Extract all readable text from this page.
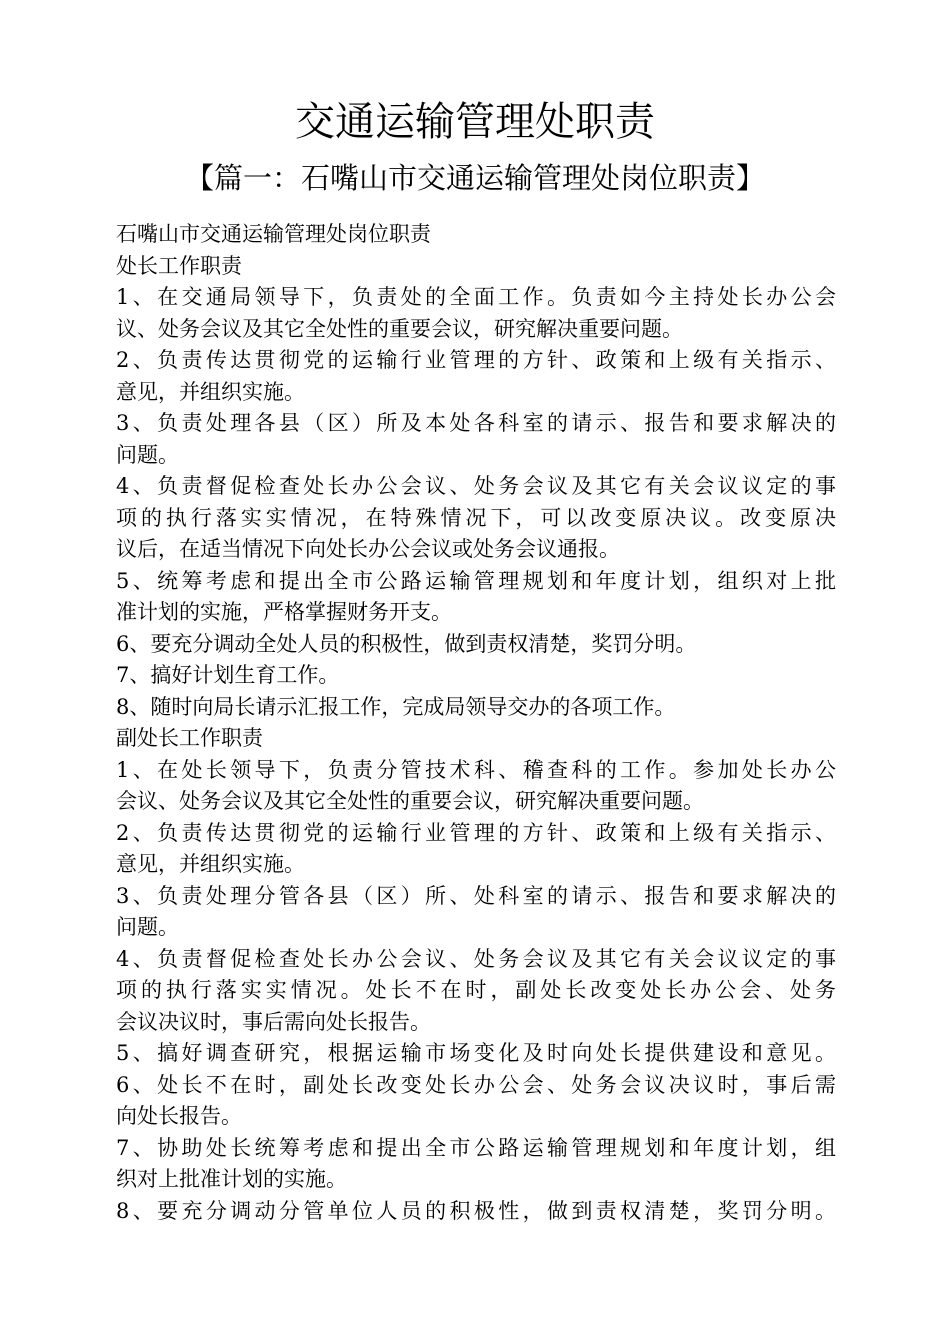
交通运输管理处职责
【篇一：石嘴山市交通运输管理处岗位职责】
石嘴山市交通运输管理处岗位职责
处长工作职责
1、在交通局领导下，负责处的全面工作。负责如今主持处长办公会
议、处务会议及其它全处性的重要会议，研究解决重要问题。
2、负责传达贯彻党的运输行业管理的方针、政策和上级有关指示、
意见，并组织实施。
3、负责处理各县（区）所及本处各科室的请示、报告和要求解决的
问题。
4、负责督促检查处长办公会议、处务会议及其它有关会议议定的事
项的执行落实实情况，在特殊情况下，可以改变原决议。改变原决
议后，在适当情况下向处长办公会议或处务会议通报。
5、统筹考虑和提出全市公路运输管理规划和年度计划，组织对上批
准计划的实施，严格掌握财务开支。
6、要充分调动全处人员的积极性，做到责权清楚，奖罚分明。
7、搞好计划生育工作。
8、随时向局长请示汇报工作，完成局领导交办的各项工作。
副处长工作职责
1、在处长领导下，负责分管技术科、稽查科的工作。参加处长办公
会议、处务会议及其它全处性的重要会议，研究解决重要问题。
2、负责传达贯彻党的运输行业管理的方针、政策和上级有关指示、
意见，并组织实施。
3、负责处理分管各县（区）所、处科室的请示、报告和要求解决的
问题。
4、负责督促检查处长办公会议、处务会议及其它有关会议议定的事
项的执行落实实情况。处长不在时，副处长改变处长办公会、处务
会议决议时，事后需向处长报告。
5、搞好调查研究，根据运输市场变化及时向处长提供建设和意见。
6、处长不在时，副处长改变处长办公会、处务会议决议时，事后需
向处长报告。
7、协助处长统筹考虑和提出全市公路运输管理规划和年度计划，组
织对上批准计划的实施。
8、要充分调动分管单位人员的积极性，做到责权清楚，奖罚分明。
